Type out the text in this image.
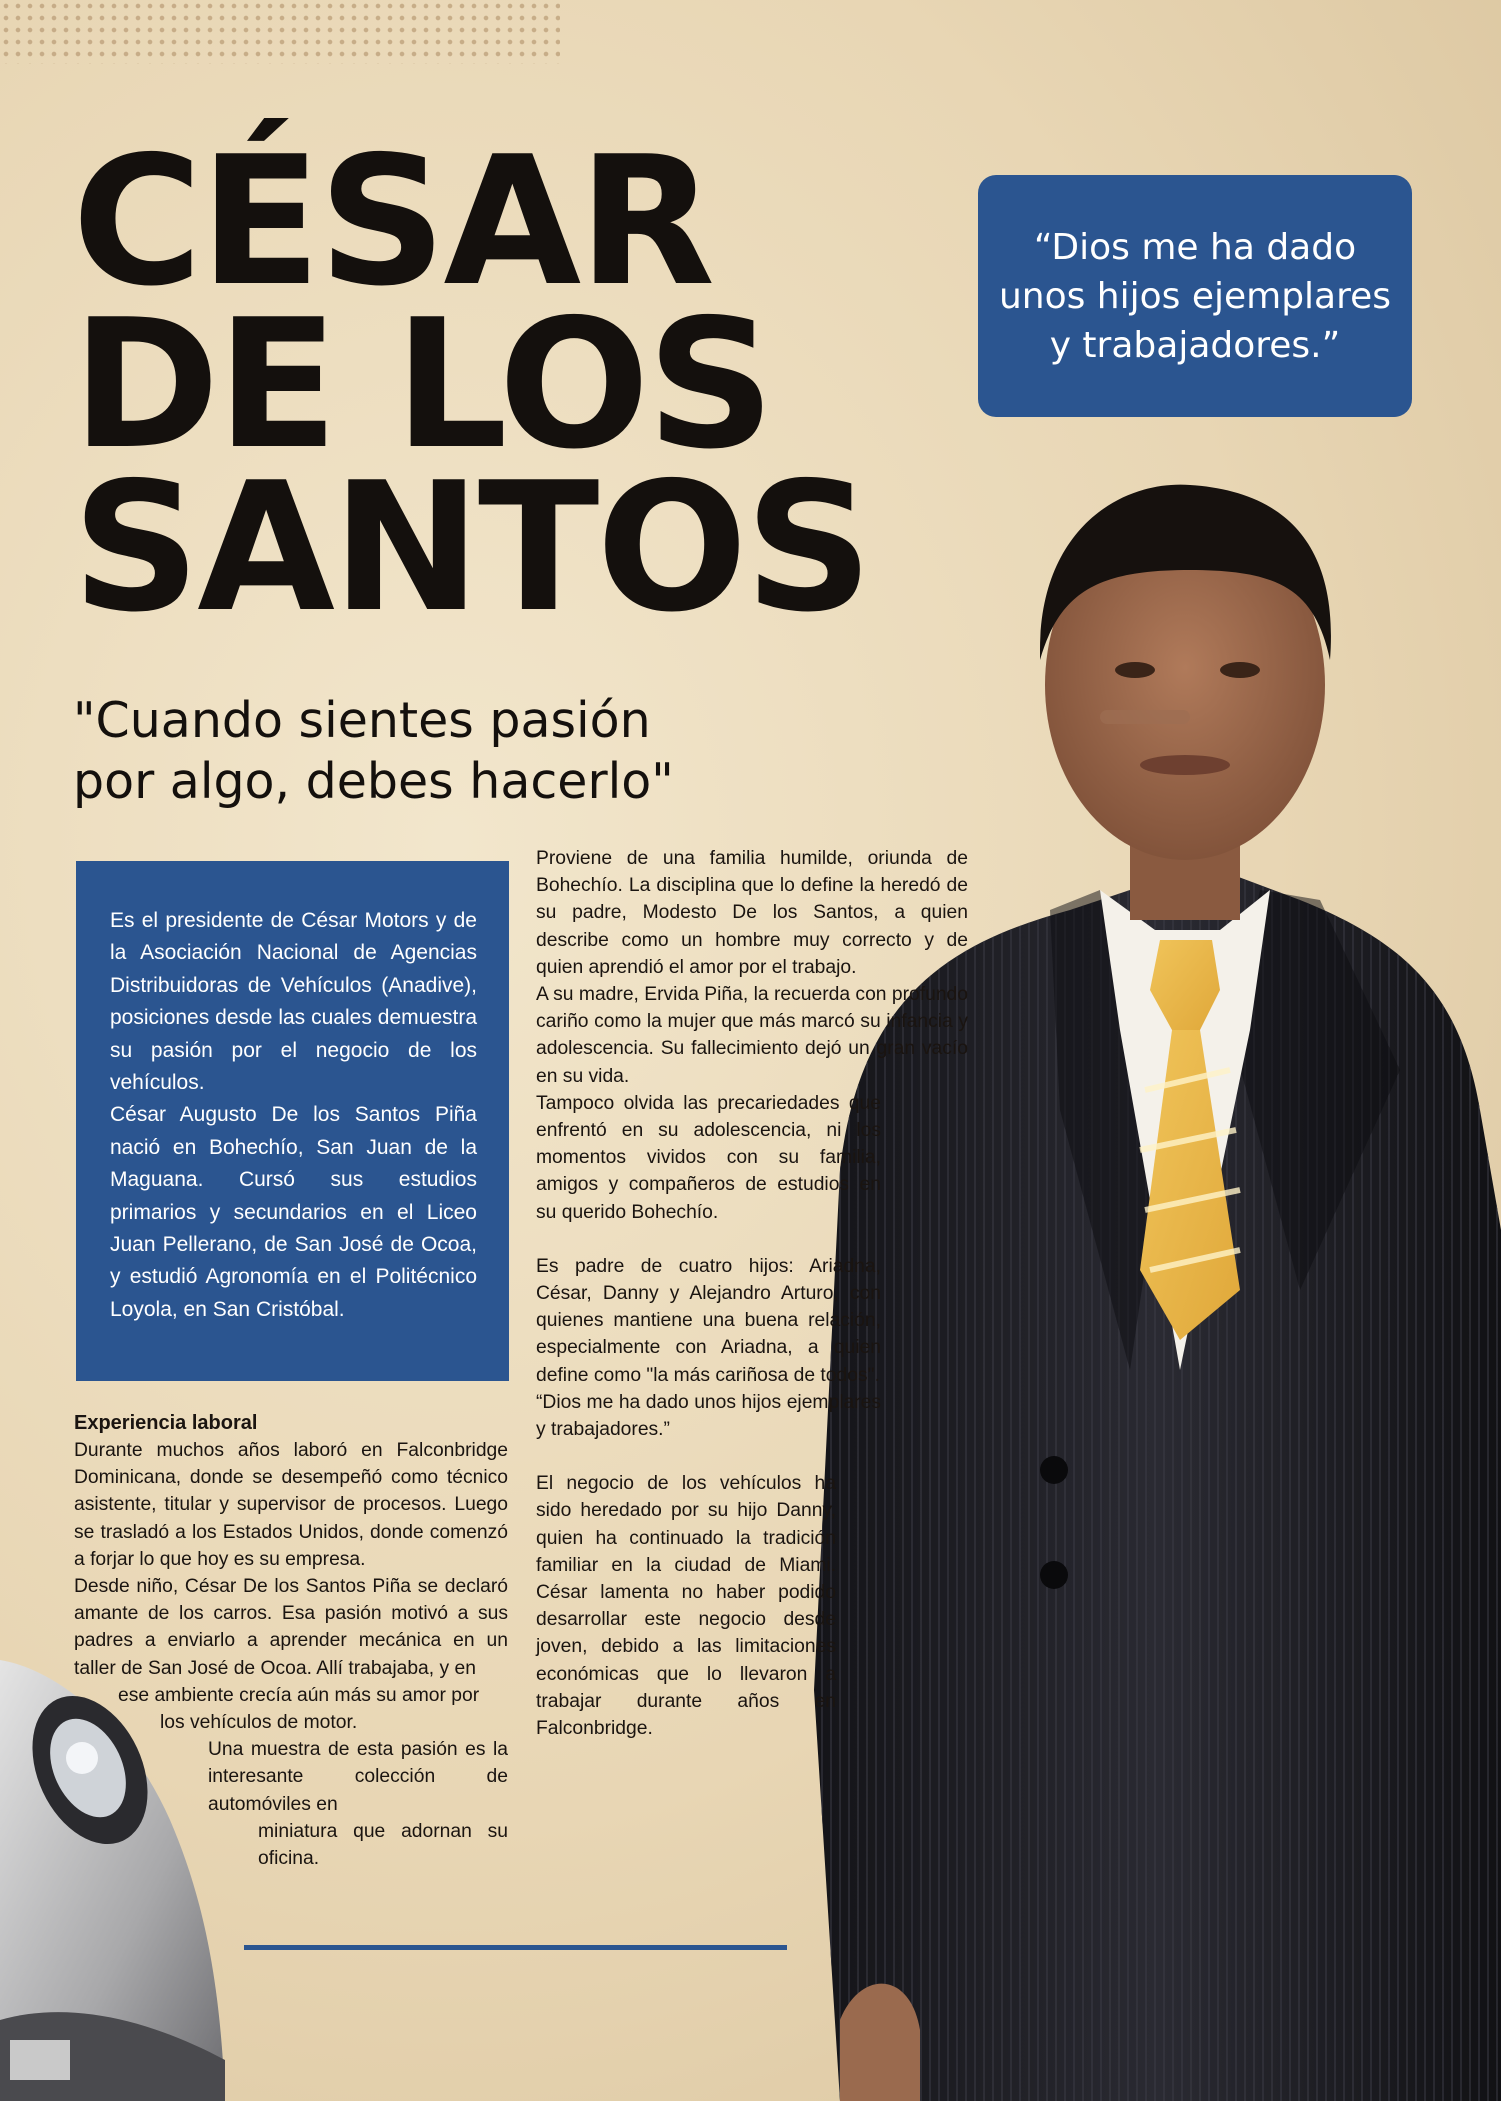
CÉSAR
DE LOS
SANTOS
"Cuando sientes pasión
por algo, debes hacerlo"
“Dios me ha dado
unos hijos ejemplares
y trabajadores.”

Es el presidente de César Motors y de la Asociación Nacional de Agencias Distribuidoras de Vehículos (Anadive), posiciones desde las cuales demuestra su pasión por el negocio de los vehículos.

César Augusto De los Santos Piña nació en Bohechío, San Juan de la Maguana. Cursó sus estudios primarios y secundarios en el Liceo Juan Pellerano, de San José de Ocoa, y estudió Agronomía en el Politécnico Loyola, en San Cristóbal.

Experiencia laboral

Durante muchos años laboró en Falconbridge Dominicana, donde se desempeñó como técnico asistente, titular y supervisor de procesos. Luego se trasladó a los Estados Unidos, donde comenzó a forjar lo que hoy es su empresa.

Desde niño, César De los Santos Piña se declaró amante de los carros. Esa pasión motivó a sus padres a enviarlo a aprender mecánica en un taller de San José de Ocoa. Allí trabajaba, y en

ese ambiente crecía aún más su amor por

los vehículos de motor.

Una muestra de esta pasión es la interesante colección de automóviles en

miniatura que adornan su oficina.

Proviene de una familia humilde, oriunda de Bohechío. La disciplina que lo define la heredó de su padre, Modesto De los Santos, a quien describe como un hombre muy correcto y de quien aprendió el amor por el trabajo.

A su madre, Ervida Piña, la recuerda con profundo cariño como la mujer que más marcó su infancia y adolescencia. Su fallecimiento dejó un gran vacío en su vida.

Tampoco olvida las precariedades que enfrentó en su adolescencia, ni los momentos vividos con su familia, amigos y compañeros de estudios en su querido Bohechío.

Es padre de cuatro hijos: Ariadna, César, Danny y Alejandro Arturo, con quienes mantiene una buena relación, especialmente con Ariadna, a quien define como "la más cariñosa de todos".

“Dios me ha dado unos hijos ejemplares y trabajadores.”

El negocio de los vehículos ha sido heredado por su hijo Danny, quien ha continuado la tradición familiar en la ciudad de Miami. César lamenta no haber podido desarrollar este negocio desde joven, debido a las limitaciones económicas que lo llevaron a trabajar durante años en Falconbridge.
